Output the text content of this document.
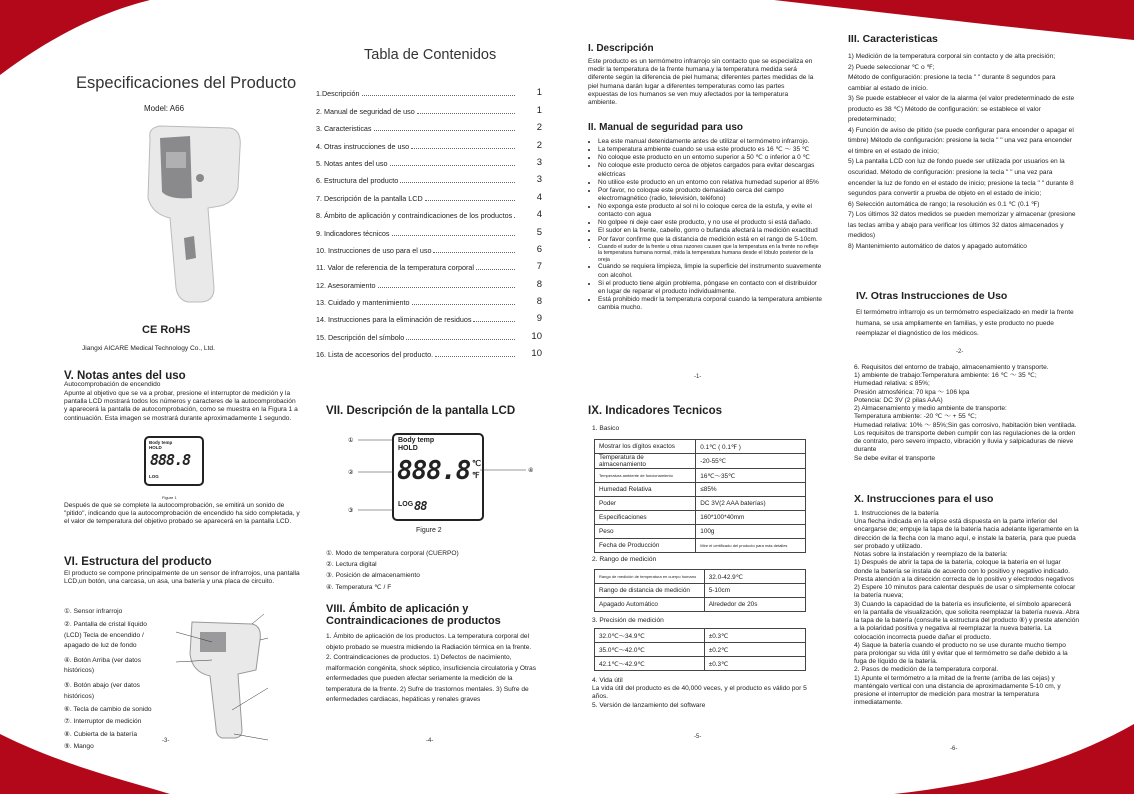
Especificaciones del Producto
Model: A66
CE RoHS
Jiangxi AICARE Medical Technology Co., Ltd.
V. Notas antes del uso
Autocomprobación de encendido
Apunte al objetivo que se va a probar, presione el interruptor de medición y la pantalla LCD mostrará todos los números y caracteres de la autocomprobación y aparecerá la pantalla de autocomprobación, como se muestra en la Figura 1 a continuación. Esta imagen se mostrará durante aproximadamente 1 segundo.
Body temp
HOLD
888.8
LOG
Figure 1
Después de que se complete la autocomprobación, se emitirá un sonido de "pitido", indicando que la autocomprobación de encendido ha sido completada, y el valor de temperatura del objetivo probado se aparecerá en la pantalla LCD.
VI. Estructura del producto
El producto se compone principalmente de un sensor de infrarrojos, una pantalla LCD,un botón, una carcasa, un asa, una batería y una placa de circuito.
①. Sensor infrarrojo
②. Pantalla de cristal líquido (LCD) Tecla de encendido / apagado de luz de fondo
④. Botón Arriba (ver datos históricos)
⑤. Botón abajo (ver datos históricos)
⑥. Tecla de cambio de sonido
⑦. Interruptor de medición
⑧. Cubierta de la batería
⑨. Mango
-3-
Tabla de Contenidos
1.Descripción	1
2. Manual de seguridad de uso	1
3. Caracteristicas	2
4. Otras instrucciones de uso	2
5. Notas antes del uso	3
6. Estructura del producto	3
7. Descripción de la pantalla LCD	4
8. Ámbito de aplicación y contraindicaciones de los productos	4
9. Indicadores técnicos	5
10. Instrucciones de uso para el uso	6
11. Valor de referencia de la temperatura corporal	7
12. Asesoramiento	8
13. Cuidado y mantenimiento	8
14. Instrucciones para la eliminación de residuos	9
15. Descripción del símbolo	10
16. Lista de accesorios del producto.	10
VII. Descripción de la pantalla LCD
Body temp
HOLD
888.8 ℃
℉
LOG 88
①
②
③
④
Figure 2
①. Modo de temperatura corporal (CUERPO)
②. Lectura digital
③. Posición de almacenamiento
④. Temperatura ℃ / F
VIII. Ámbito de aplicación y Contraindicaciones de productos
1. Ámbito de aplicación de los productos. La temperatura corporal del objeto probado se muestra midiendo la Radiación térmica en la frente. 2. Contraindicaciones de productos. 1) Defectos de nacimiento, malformación congénita, shock séptico, insuficiencia circulatoria y Otras enfermedades que pueden afectar seriamente la medición de la temperatura de la frente. 2) Sufre de trastornos mentales. 3) Sufre de enfermedades cardiacas, hepáticas y renales graves
-4-
I. Descripción
Este producto es un termómetro infrarrojo sin contacto que se especializa en medir la temperatura de la frente humana,y la temperatura medida será diferente según la diferencia de piel humana; diferentes partes medidas de la piel humana darán lugar a diferentes temperaturas como las partes expuestas de los humanos se ven muy afectados por la temperatura ambiente.
II. Manual de seguridad para uso
• Lea este manual detenidamente antes de utilizar el termómetro infrarrojo.
• La temperatura ambiente cuando se usa este producto es 16 ℃ ～ 35 ℃
• No coloque este producto en un entorno superior a 50 ℃ o inferior a 0 ℃
• No coloque este producto cerca de objetos cargados para evitar descargas eléctricas
• No utilice este producto en un entorno con relativa humedad superior al 85%
• Por favor, no coloque este producto demasiado cerca del campo electromagnético (radio, televisión, teléfono)
• No exponga este producto al sol ni lo coloque cerca de la estufa, y evite el contacto con agua
• No golpee ni deje caer este producto, y no use el producto si está dañado.
• El sudor en la frente, cabello, gorro o bufanda afectará la medición exactitud
• Por favor confirme que la distancia de medición está en el rango de 5-10cm.
• Cuando el sudor de la frente u otras razones causen que la temperatura en la frente no refleje la temperatura humana normal, mida la temperatura humana desde el lóbulo posterior de la oreja
• Cuando se requiera limpieza, limpie la superficie del instrumento suavemente con alcohol.
• Si el producto tiene algún problema, póngase en contacto con el distribuidor en lugar de reparar el producto individualmente.
• Está prohibido medir la temperatura corporal cuando la temperatura ambiente cambia mucho.
-1-
IX. Indicadores Tecnicos
1. Basico
Mostrar los dígitos exactos	0.1℃ ( 0.1℉ )
Temperatura de almacenamiento	-20-55℃
Temperatura ambiente de funcionamiento	16℃～35℃
Humedad Relativa	≤85%
Poder	DC 3V(2 AAA baterías)
Especificaciones	160*100*40mm
Peso	100g
Fecha de Producción	Mire el certificado del producto para más detalles
2. Rango de medición
Rango de medición de temperatura en cuerpo humano	32.0-42.9℃
Rango de distancia de medición	5-10cm
Apagado Automático	Alrededor de 20s
3. Precisión de medición
32.0℃～34.9℃	±0.3℃
35.0℃～42.0℃	±0.2℃
42.1℃～42.9℃	±0.3℃
4. Vida útil
La vida útil del producto es de 40,000 veces, y el producto es válido por 5 años.
5. Versión de lanzamiento del software
-5-
III. Caracteristicas
1) Medición de la temperatura corporal sin contacto y de alta precisión;
2) Puede seleccionar ℃ o ℉;
Método de configuración: presione la tecla " " durante 8 segundos para cambiar al estado de inicio.
3) Se puede establecer el valor de la alarma (el valor predeterminado de este producto es 38 ℃) Método de configuración: se establece el valor predeterminado;
4) Función de aviso de pitido (se puede configurar para encender o apagar el timbre) Método de configuración: presione la tecla " " una vez para encender el timbre en el estado de inicio;
5) La pantalla LCD con luz de fondo puede ser utilizada por usuarios en la oscuridad. Método de configuración: presione la tecla " " una vez para encender la luz de fondo en el estado de inicio; presione la tecla " " durante 8 segundos para convertir a prueba de objeto en el estado de inicio;
6) Selección automática de rango; la resolución es 0.1 ℃ (0.1 ℉)
7) Los últimos 32 datos medidos se pueden memorizar y almacenar (presione las teclas arriba y abajo para verificar los últimos 32 datos almacenados y medidos)
8) Mantenimiento automático de datos y apagado automático
IV. Otras Instrucciones de Uso
El termómetro infrarrojo es un termómetro especializado en medir la frente humana, se usa ampliamente en familias, y este producto no puede reemplazar el diagnóstico de los médicos.
-2-
6. Requisitos del entorno de trabajo, almacenamiento y transporte.
1) ambiente de trabajo:Temperatura ambiente: 16 ℃ ～ 35 ℃;
Humedad relativa: ≤ 85%;
Presión atmosférica: 70 kpa ～ 106 kpa
Potencia: DC 3V (2 pilas AAA)
2) Almacenamiento y medio ambiente de transporte:
Temperatura ambiente: -20 ℃ ～ + 55 ℃;
Humedad relativa: 10% ～ 85%;Sin gas corrosivo, habitación bien ventilada.
Los requisitos de transporte deben cumplir con las regulaciones de la orden de contrato, pero severo impacto, vibración y lluvia y salpicaduras de nieve durante
Se debe evitar el transporte
X. Instrucciones para el uso
1. Instrucciones de la batería
Una flecha indicada en la elipse está dispuesta en la parte inferior del encargarse de; empuje la tapa de la batería hacia adelante ligeramente en la dirección de la flecha con la mano aquí, e instale la batería, para que pueda ser probado y utilizado.
Notas sobre la instalación y reemplazo de la batería:
1) Después de abrir la tapa de la batería, coloque la batería en el lugar donde la batería se instala de acuerdo con lo positivo y negativo indicado. Presta atención a la dirección correcta de lo positivo y electrodos negativos
2) Espere 10 minutos para calentar después de usar o simplemente colocar la batería nueva;
3) Cuando la capacidad de la batería es insuficiente, el símbolo aparecerá en la pantalla de visualización, que solicita reemplazar la batería nueva. Abra la tapa de la batería (consulte la estructura del producto ⑧) y preste atención a la polaridad positiva y negativa al reemplazar la nueva batería. La colocación incorrecta puede dañar el producto.
4) Saque la batería cuando el producto no se use durante mucho tiempo para prolongar su vida útil y evitar que el termómetro se dañe debido a la fuga de líquido de la batería.
2. Pasos de medición de la temperatura corporal.
1) Apunte el termómetro a la mitad de la frente (arriba de las cejas) y manténgalo vertical con una distancia de aproximadamente 5-10 cm, y presione el interruptor de medición para mostrar la temperatura inmediatamente.
-6-
